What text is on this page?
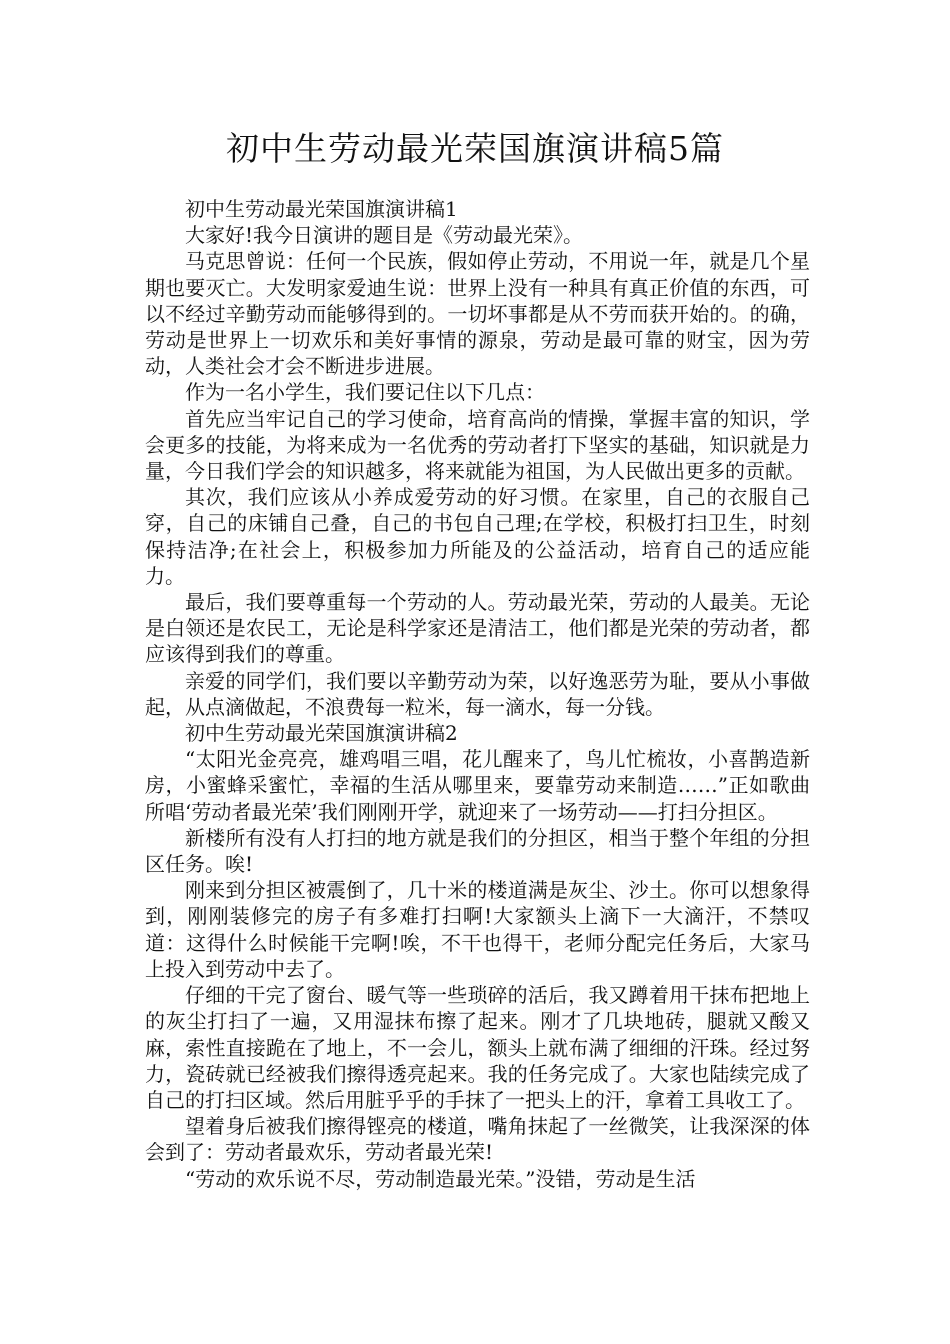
初中生劳动最光荣国旗演讲稿5篇

初中生劳动最光荣国旗演讲稿1

大家好!我今日演讲的题目是《劳动最光荣》。

马克思曾说：任何一个民族，假如停止劳动，不用说一年，就是几个星期也要灭亡。大发明家爱迪生说：世界上没有一种具有真正价值的东西，可以不经过辛勤劳动而能够得到的。一切坏事都是从不劳而获开始的。的确，劳动是世界上一切欢乐和美好事情的源泉，劳动是最可靠的财宝，因为劳动，人类社会才会不断进步进展。

作为一名小学生，我们要记住以下几点：

首先应当牢记自己的学习使命，培育高尚的情操，掌握丰富的知识，学会更多的技能，为将来成为一名优秀的劳动者打下坚实的基础，知识就是力量，今日我们学会的知识越多，将来就能为祖国，为人民做出更多的贡献。

其次，我们应该从小养成爱劳动的好习惯。在家里，自己的衣服自己穿，自己的床铺自己叠，自己的书包自己理;在学校，积极打扫卫生，时刻保持洁净;在社会上，积极参加力所能及的公益活动，培育自己的适应能力。

最后，我们要尊重每一个劳动的人。劳动最光荣，劳动的人最美。无论是白领还是农民工，无论是科学家还是清洁工，他们都是光荣的劳动者，都应该得到我们的尊重。

亲爱的同学们，我们要以辛勤劳动为荣，以好逸恶劳为耻，要从小事做起，从点滴做起，不浪费每一粒米，每一滴水，每一分钱。

初中生劳动最光荣国旗演讲稿2

“太阳光金亮亮，雄鸡唱三唱，花儿醒来了，鸟儿忙梳妆，小喜鹊造新房，小蜜蜂采蜜忙，幸福的生活从哪里来，要靠劳动来制造……”正如歌曲所唱‘劳动者最光荣’我们刚刚开学，就迎来了一场劳动——打扫分担区。

新楼所有没有人打扫的地方就是我们的分担区，相当于整个年组的分担区任务。唉!

刚来到分担区被震倒了，几十米的楼道满是灰尘、沙土。你可以想象得到，刚刚装修完的房子有多难打扫啊!大家额头上滴下一大滴汗，不禁叹道：这得什么时候能干完啊!唉，不干也得干，老师分配完任务后，大家马上投入到劳动中去了。

仔细的干完了窗台、暖气等一些琐碎的活后，我又蹲着用干抹布把地上的灰尘打扫了一遍，又用湿抹布擦了起来。刚才了几块地砖，腿就又酸又麻，索性直接跪在了地上，不一会儿，额头上就布满了细细的汗珠。经过努力，瓷砖就已经被我们擦得透亮起来。我的任务完成了。大家也陆续完成了自己的打扫区域。然后用脏乎乎的手抹了一把头上的汗，拿着工具收工了。

望着身后被我们擦得铿亮的楼道，嘴角抹起了一丝微笑，让我深深的体会到了：劳动者最欢乐，劳动者最光荣!

“劳动的欢乐说不尽，劳动制造最光荣。”没错，劳动是生活
